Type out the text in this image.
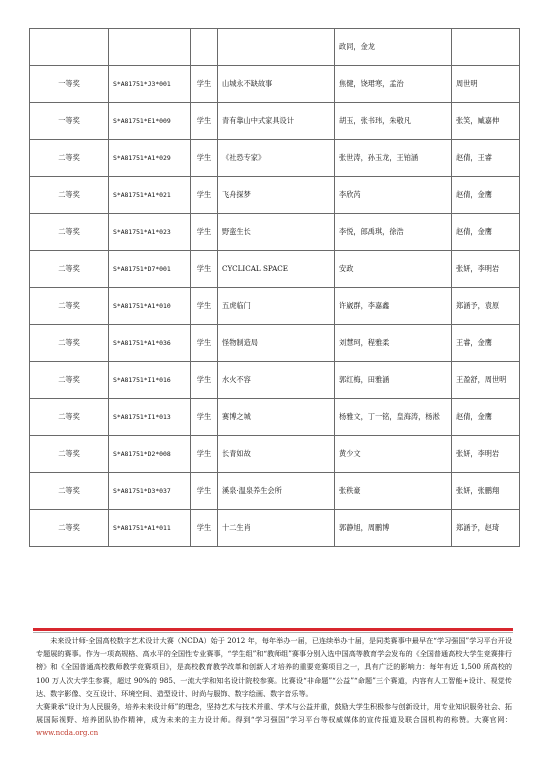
				政同，金龙	
一等奖	S*A81751*J3*001	学生	山城永不缺故事	焦健，饶珺寒，孟治	周世明
一等奖	S*A81751*E1*009	学生	青有靠山中式家具设计	胡玉，张书玮，朱敬凡	张笑，臧嘉伸
二等奖	S*A81751*A1*029	学生	《社恐专家》	张世涛，孙玉龙，王铂涵	赵倩，王睿
二等奖	S*A81751*A1*021	学生	飞舟探梦	李欣芮	赵倩，金鹰
二等奖	S*A81751*A1*023	学生	野蛮生长	李悦，郎禹琪，徐浩	赵倩，金鹰
二等奖	S*A81751*D7*001	学生	CYCLICAL SPACE	安政	张妍，李明岩
二等奖	S*A81751*A1*010	学生	五虎临门	许崴群，李嘉鑫	郑涵予，袁原
二等奖	S*A81751*A1*036	学生	怪物制造局	刘慧珂，程雅柔	王睿，金鹰
二等奖	S*A81751*I1*016	学生	水火不容	郭红梅，田雅涵	王盈舒，周世明
二等奖	S*A81751*I1*013	学生	赛博之城	杨雅文，丁一铭，皇海涛，杨淞	赵倩，金鹰
二等奖	S*A81751*D2*008	学生	长青如故	黄少文	张妍，李明岩
二等奖	S*A81751*D3*037	学生	溪泉·温泉养生会所	张秩豪	张妍，张鹏翔
二等奖	S*A81751*A1*011	学生	十二生肖	郭静旭，周鹏博	郑涵予，赵琦

未来设计师·全国高校数字艺术设计大赛（NCDA）始于 2012 年，每年举办一届，已连续举办十届，是同类赛事中最早在“学习强国”学习平台开设专题展的赛事。作为一项高规格、高水平的全国性专业赛事，“学生组”和“教师组”赛事分别入选中国高等教育学会发布的《全国普通高校大学生竞赛排行榜》和《全国普通高校教师教学竞赛项目》，是高校教育教学改革和创新人才培养的重要竞赛项目之一，具有广泛的影响力：每年有近 1,500 所高校的 100 万人次大学生参赛，超过 90%的 985、一流大学和知名设计院校参赛。比赛设“非命题”“公益”“命题”三个赛道，内容有人工智能+设计、视觉传达、数字影像、交互设计、环境空间、造型设计、时尚与服饰、数字绘画、数字音乐等。

大赛秉承“设计为人民服务，培养未来设计师”的理念，坚持艺术与技术并重、学术与公益并重，鼓励大学生积极参与创新设计，用专业知识服务社会、拓展国际视野、培养团队协作精神，成为未来的主力设计师。得到“学习强国”学习平台等权威媒体的宣传报道及联合国机构的称赞。大赛官网：www.ncda.org.cn
